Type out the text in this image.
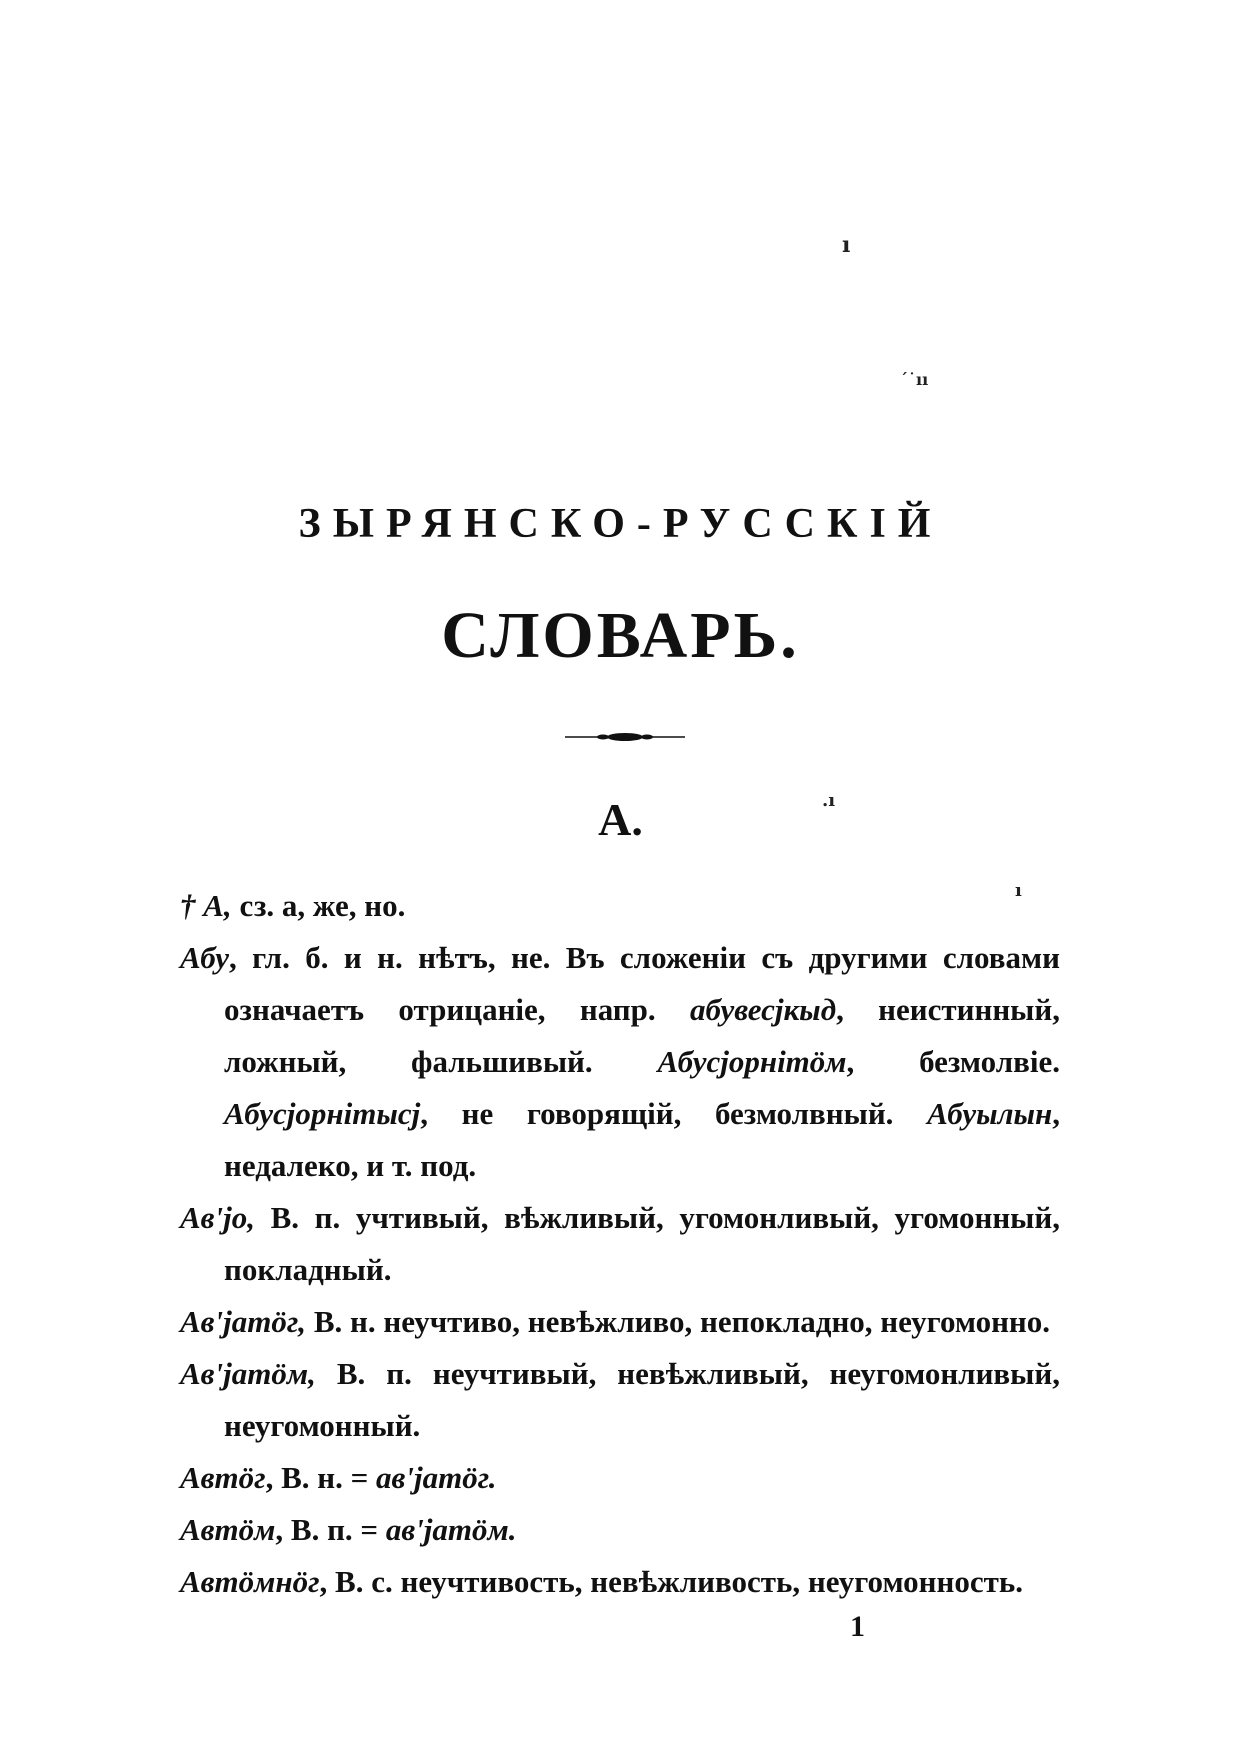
ı
ˊ˙ıı
.ı
ı
ЗЫРЯНСКО-РУССКІЙ
СЛОВАРЬ.
А.

† А, сз. а, же, но.

Абу, гл. б. и н. нѣтъ, не. Въ сложеніи съ другими словами означаетъ отрицаніе, напр. абувесјкыд, неистинный, ложный, фальшивый. Абусјорнітöм, безмолвіе. Абусјорнітысј, не говорящій, безмолвный. Абуылын, недалеко, и т. под.

Ав'јо, В. п. учтивый, вѣжливый, угомонливый, угомонный, покладный.

Ав'јатöг, В. н. неучтиво, невѣжливо, непокладно, неугомонно.

Ав'јатöм, В. п. неучтивый, невѣжливый, неугомонливый, неугомонный.

Автöг, В. н. = ав'јатöг.

Автöм, В. п. = ав'јатöм.

Автöмнöг, В. с. неучтивость, невѣжливость, неугомонность.

1
